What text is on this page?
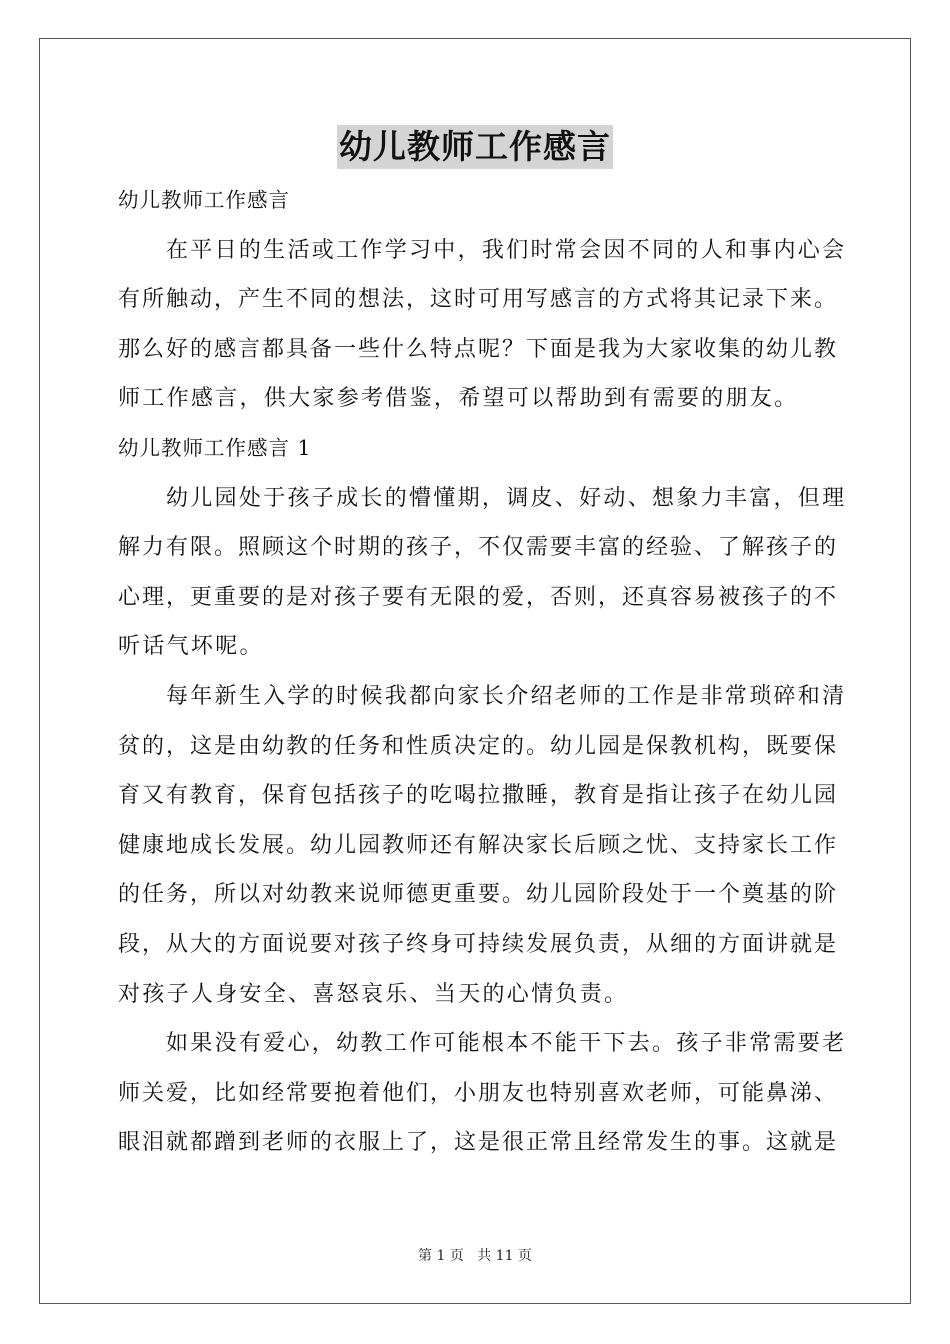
幼儿教师工作感言
幼儿教师工作感言
在平日的生活或工作学习中，我们时常会因不同的人和事内心会
有所触动，产生不同的想法，这时可用写感言的方式将其记录下来。
那么好的感言都具备一些什么特点呢？下面是我为大家收集的幼儿教
师工作感言，供大家参考借鉴，希望可以帮助到有需要的朋友。
幼儿教师工作感言 1
幼儿园处于孩子成长的懵懂期，调皮、好动、想象力丰富，但理
解力有限。照顾这个时期的孩子，不仅需要丰富的经验、了解孩子的
心理，更重要的是对孩子要有无限的爱，否则，还真容易被孩子的不
听话气坏呢。
每年新生入学的时候我都向家长介绍老师的工作是非常琐碎和清
贫的，这是由幼教的任务和性质决定的。幼儿园是保教机构，既要保
育又有教育，保育包括孩子的吃喝拉撒睡，教育是指让孩子在幼儿园
健康地成长发展。幼儿园教师还有解决家长后顾之忧、支持家长工作
的任务，所以对幼教来说师德更重要。幼儿园阶段处于一个奠基的阶
段，从大的方面说要对孩子终身可持续发展负责，从细的方面讲就是
对孩子人身安全、喜怒哀乐、当天的心情负责。
如果没有爱心，幼教工作可能根本不能干下去。孩子非常需要老
师关爱，比如经常要抱着他们，小朋友也特别喜欢老师，可能鼻涕、
眼泪就都蹭到老师的衣服上了，这是很正常且经常发生的事。这就是
第 1 页 共 11 页
